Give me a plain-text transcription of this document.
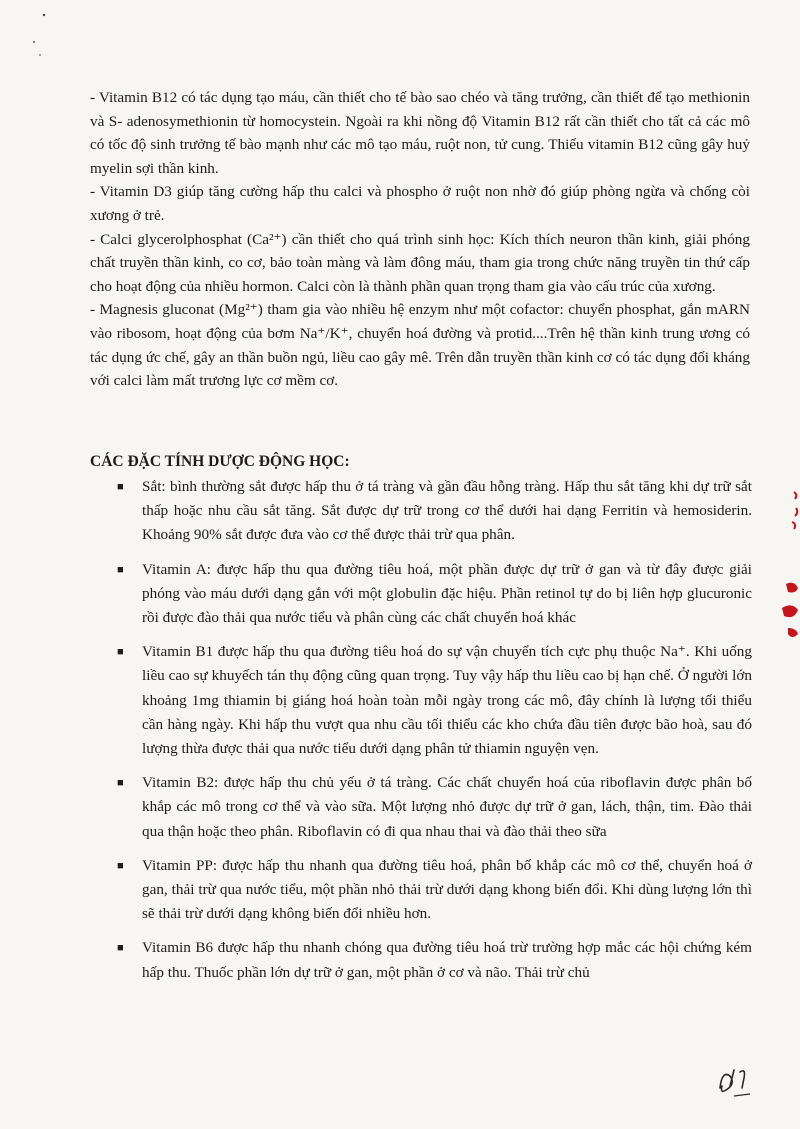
- Vitamin B12 có tác dụng tạo máu, cần thiết cho tế bào sao chéo và tăng trưởng, cần thiết để tạo methionin và S- adenosymethionin từ homocystein. Ngoài ra khi nồng độ Vitamin B12 rất cần thiết cho tất cả các mô có tốc độ sinh trưởng tế bào mạnh như các mô tạo máu, ruột non, tử cung. Thiếu vitamin B12 cũng gây huỷ myelin sợi thần kinh.

- Vitamin D3 giúp tăng cường hấp thu calci và phospho ở ruột non nhờ đó giúp phòng ngừa và chống còi xương ở trẻ.

- Calci glycerolphosphat (Ca²⁺) cần thiết cho quá trình sinh học: Kích thích neuron thần kinh, giải phóng chất truyền thần kinh, co cơ, bảo toàn màng và làm đông máu, tham gia trong chức năng truyền tin thứ cấp cho hoạt động của nhiều hormon. Calci còn là thành phần quan trọng tham gia vào cấu trúc của xương.

- Magnesis gluconat (Mg²⁺) tham gia vào nhiều hệ enzym như một cofactor: chuyển phosphat, gắn mARN vào ribosom, hoạt động của bơm Na⁺/K⁺, chuyển hoá đường và protid....Trên hệ thần kinh trung ương có tác dụng ức chế, gây an thần buồn ngủ, liều cao gây mê. Trên dẫn truyền thần kinh cơ có tác dụng đối kháng với calci làm mất trương lực cơ mềm cơ.

CÁC ĐẶC TÍNH DƯỢC ĐỘNG HỌC:
■ Sắt: bình thường sắt được hấp thu ở tá tràng và gần đầu hỗng tràng. Hấp thu sắt tăng khi dự trữ sắt thấp hoặc nhu cầu sắt tăng. Sắt được dự trữ trong cơ thể dưới hai dạng Ferritin và hemosiderin. Khoảng 90% sắt được đưa vào cơ thể được thải trừ qua phân.
■ Vitamin A: được hấp thu qua đường tiêu hoá, một phần được dự trữ ở gan và từ đây được giải phóng vào máu dưới dạng gắn với một globulin đặc hiệu. Phần retinol tự do bị liên hợp glucuronic rồi được đào thải qua nước tiểu và phân cùng các chất chuyển hoá khác
■ Vitamin B1 được hấp thu qua đường tiêu hoá do sự vận chuyển tích cực phụ thuộc Na⁺. Khi uống liều cao sự khuyếch tán thụ động cũng quan trọng. Tuy vậy hấp thu liều cao bị hạn chế. Ở người lớn khoảng 1mg thiamin bị giáng hoá hoàn toàn mỗi ngày trong các mô, đây chính là lượng tối thiểu cần hàng ngày. Khi hấp thu vượt qua nhu cầu tối thiểu các kho chứa đầu tiên được bão hoà, sau đó lượng thừa được thải qua nước tiểu dưới dạng phân tử thiamin nguyện vẹn.
■ Vitamin B2: được hấp thu chủ yếu ở tá tràng. Các chất chuyển hoá của riboflavin được phân bố khắp các mô trong cơ thể và vào sữa. Một lượng nhỏ được dự trữ ở gan, lách, thận, tim. Đào thải qua thận hoặc theo phân. Riboflavin có đi qua nhau thai và đào thải theo sữa
■ Vitamin PP: được hấp thu nhanh qua đường tiêu hoá, phân bố khắp các mô cơ thể, chuyển hoá ở gan, thải trừ qua nước tiểu, một phần nhỏ thải trừ dưới dạng khong biến đổi. Khi dùng lượng lớn thì sẽ thải trừ dưới dạng không biến đổi nhiều hơn.
■ Vitamin B6 được hấp thu nhanh chóng qua đường tiêu hoá trừ trường hợp mắc các hội chứng kém hấp thu. Thuốc phần lớn dự trữ ở gan, một phần ở cơ và não. Thải trừ chủ
